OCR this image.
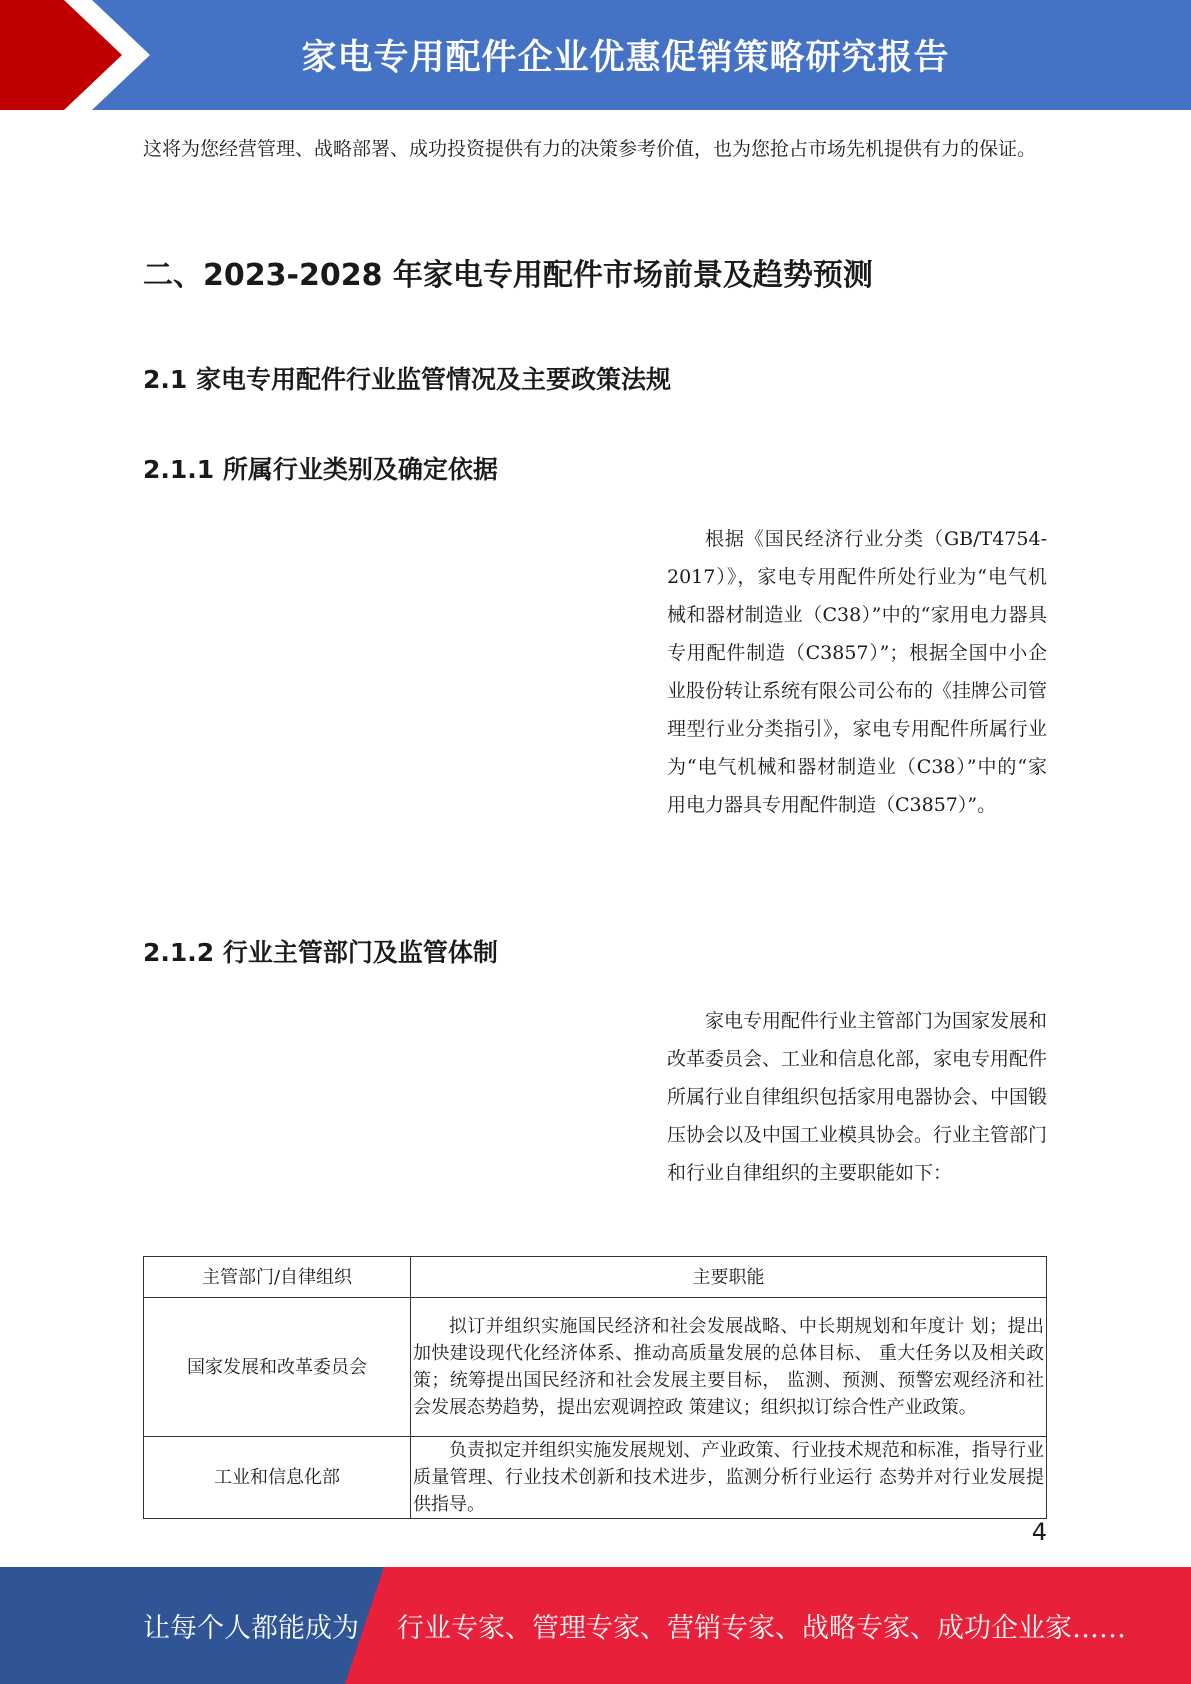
家电专用配件企业优惠促销策略研究报告

这将为您经营管理、战略部署、成功投资提供有力的决策参考价值，也为您抢占市场先机提供有力的保证。

二、2023-2028 年家电专用配件市场前景及趋势预测
2.1 家电专用配件行业监管情况及主要政策法规
2.1.1 所属行业类别及确定依据

根据《国民经济行业分类（GB/T4754-2017）》，家电专用配件所处行业为“电气机械和器材制造业（C38）”中的“家用电力器具专用配件制造（C3857）”；根据全国中小企业股份转让系统有限公司公布的《挂牌公司管理型行业分类指引》，家电专用配件所属行业为“电气机械和器材制造业（C38）”中的“家用电力器具专用配件制造（C3857）”。

2.1.2 行业主管部门及监管体制

家电专用配件行业主管部门为国家发展和改革委员会、工业和信息化部，家电专用配件所属行业自律组织包括家用电器协会、中国锻压协会以及中国工业模具协会。行业主管部门和行业自律组织的主要职能如下：

主管部门/自律组织	主要职能
国家发展和改革委员会	拟订并组织实施国民经济和社会发展战略、中长期规划和年度计 划；提出加快建设现代化经济体系、推动高质量发展的总体目标、 重大任务以及相关政策；统筹提出国民经济和社会发展主要目标， 监测、预测、预警宏观经济和社会发展态势趋势，提出宏观调控政 策建议；组织拟订综合性产业政策。
工业和信息化部	负责拟定并组织实施发展规划、产业政策、行业技术规范和标准，指导行业质量管理、行业技术创新和技术进步，监测分析行业运行 态势并对行业发展提供指导。
4
让每个人都能成为 行业专家、管理专家、营销专家、战略专家、成功企业家……
